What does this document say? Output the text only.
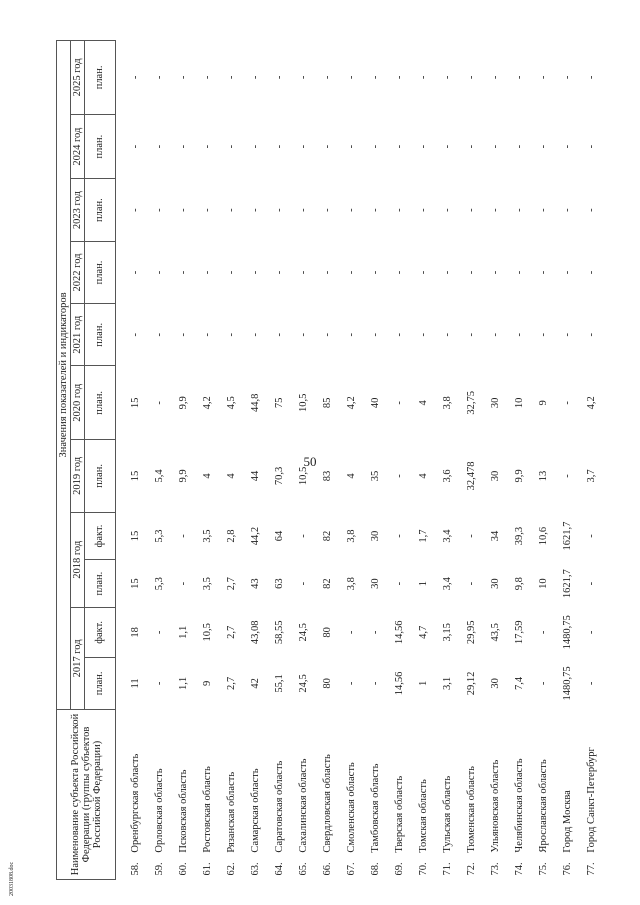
50
Наименование субъекта Российской Федерации (группы субъектов Российской Федерации)		Значения показателей и индикаторов										
		2017 год		2018 год		2019 год	2020 год	2021 год	2022 год	2023 год	2024 год	2025 год
		план.	факт.	план.	факт.	план.	план.	план.	план.	план.	план.	план.
58.	Оренбургская область	11	18	15	15	15	15	-	-	-	-	-
59.	Орловская область	-	-	5,3	5,3	5,4	-	-	-	-	-	-
60.	Псковская область	1,1	1,1	-	-	9,9	9,9	-	-	-	-	-
61.	Ростовская область	9	10,5	3,5	3,5	4	4,2	-	-	-	-	-
62.	Рязанская область	2,7	2,7	2,7	2,8	4	4,5	-	-	-	-	-
63.	Самарская область	42	43,08	43	44,2	44	44,8	-	-	-	-	-
64.	Саратовская область	55,1	58,55	63	64	70,3	75	-	-	-	-	-
65.	Сахалинская область	24,5	24,5	-	-	10,5	10,5	-	-	-	-	-
66.	Свердловская область	80	80	82	82	83	85	-	-	-	-	-
67.	Смоленская область	-	-	3,8	3,8	4	4,2	-	-	-	-	-
68.	Тамбовская область	-	-	30	30	35	40	-	-	-	-	-
69.	Тверская область	14,56	14,56	-	-	-	-	-	-	-	-	-
70.	Томская область	1	4,7	1	1,7	4	4	-	-	-	-	-
71.	Тульская область	3,1	3,15	3,4	3,4	3,6	3,8	-	-	-	-	-
72.	Тюменская область	29,12	29,95	-	-	32,478	32,75	-	-	-	-	-
73.	Ульяновская область	30	43,5	30	34	30	30	-	-	-	-	-
74.	Челябинская область	7,4	17,59	9,8	39,3	9,9	10	-	-	-	-	-
75.	Ярославская область	-	-	10	10,6	13	9	-	-	-	-	-
76.	Город Москва	1480,75	1480,75	1621,7	1621,7	-	-	-	-	-	-	-
77.	Город Санкт-Петербург	-	-	-	-	3,7	4,2	-	-	-	-	-
20031808.doc
